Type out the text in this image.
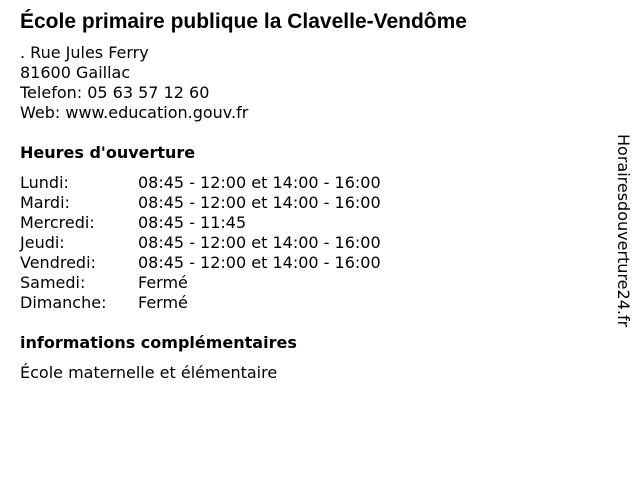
École primaire publique la Clavelle-Vendôme
. Rue Jules Ferry
81600 Gaillac
Telefon: 05 63 57 12 60
Web: www.education.gouv.fr
Heures d'ouverture
Lundi:	08:45 - 12:00 et 14:00 - 16:00
Mardi:	08:45 - 12:00 et 14:00 - 16:00
Mercredi:	08:45 - 11:45
Jeudi:	08:45 - 12:00 et 14:00 - 16:00
Vendredi:	08:45 - 12:00 et 14:00 - 16:00
Samedi:	Fermé
Dimanche:	Fermé
informations complémentaires
École maternelle et élémentaire
Horairesdouverture24.fr
